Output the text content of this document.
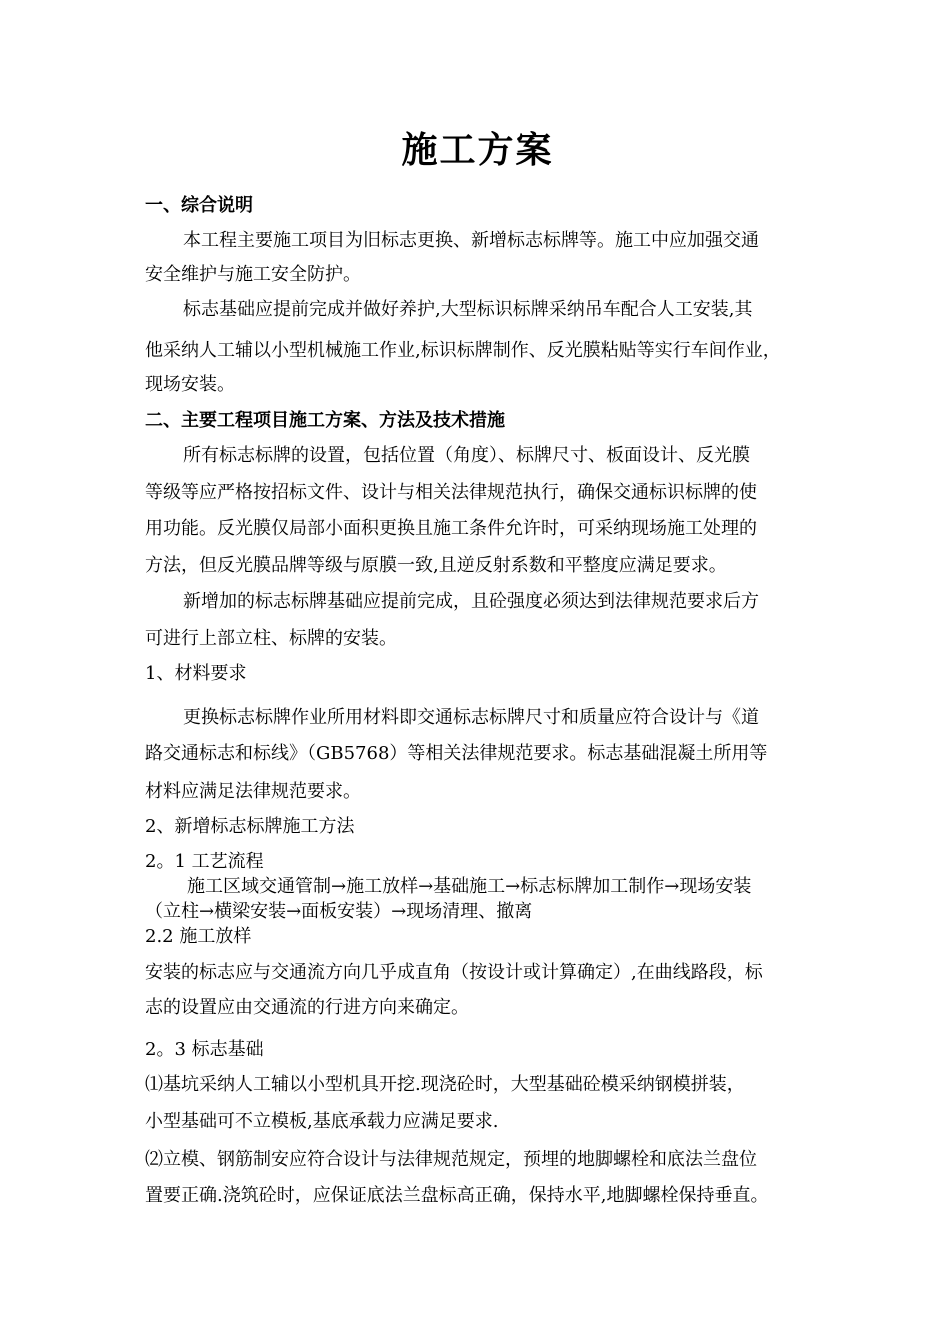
施工方案
一、综合说明
本工程主要施工项目为旧标志更换、新增标志标牌等。施工中应加强交通
安全维护与施工安全防护。
标志基础应提前完成并做好养护,大型标识标牌采纳吊车配合人工安装,其
他采纳人工辅以小型机械施工作业,标识标牌制作、反光膜粘贴等实行车间作业，
现场安装。
二、主要工程项目施工方案、方法及技术措施
所有标志标牌的设置，包括位置（角度）、标牌尺寸、板面设计、反光膜
等级等应严格按招标文件、设计与相关法律规范执行，确保交通标识标牌的使
用功能。反光膜仅局部小面积更换且施工条件允许时，可采纳现场施工处理的
方法，但反光膜品牌等级与原膜一致,且逆反射系数和平整度应满足要求。
新增加的标志标牌基础应提前完成，且砼强度必须达到法律规范要求后方
可进行上部立柱、标牌的安装。
1、材料要求
更换标志标牌作业所用材料即交通标志标牌尺寸和质量应符合设计与《道
路交通标志和标线》（GB5768）等相关法律规范要求。标志基础混凝土所用等
材料应满足法律规范要求。
2、新增标志标牌施工方法
2。1 工艺流程
施工区域交通管制→施工放样→基础施工→标志标牌加工制作→现场安装
（立柱→横梁安装→面板安装）→现场清理、撤离
2.2 施工放样
安装的标志应与交通流方向几乎成直角（按设计或计算确定）,在曲线路段，标
志的设置应由交通流的行进方向来确定。
2。3 标志基础
⑴基坑采纳人工辅以小型机具开挖.现浇砼时，大型基础砼模采纳钢模拼装，
小型基础可不立模板,基底承载力应满足要求.
⑵立模、钢筋制安应符合设计与法律规范规定，预埋的地脚螺栓和底法兰盘位
置要正确.浇筑砼时，应保证底法兰盘标高正确，保持水平,地脚螺栓保持垂直。
